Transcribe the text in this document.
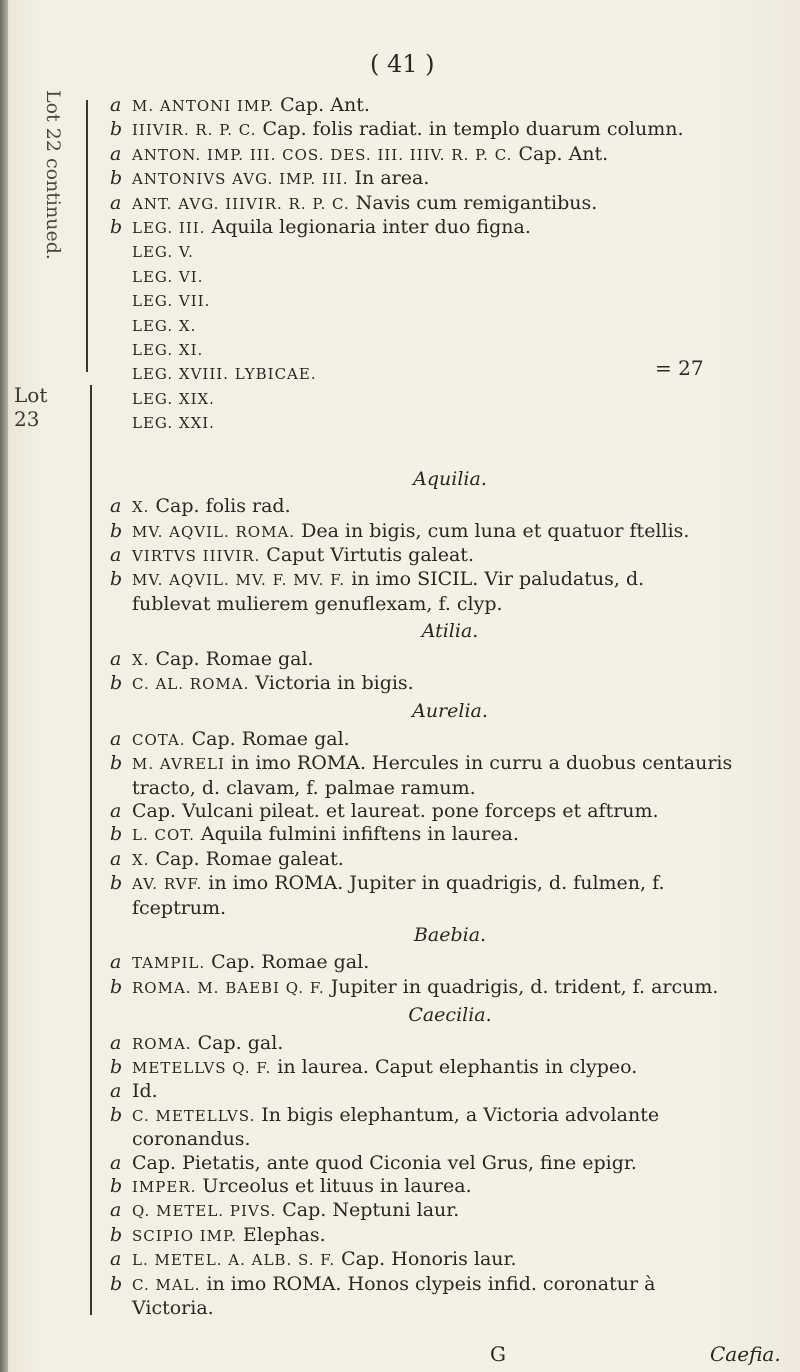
( 41 )
Lot 22 continued.
Lot
23
= 27
a M. ANTONI IMP. Cap. Ant.
b IIIVIR. R. P. C. Cap. folis radiat. in templo duarum column.
a ANTON. IMP. III. COS. DES. III. IIIV. R. P. C. Cap. Ant.
b ANTONIVS AVG. IMP. III. In area.
a ANT. AVG. IIIVIR. R. P. C. Navis cum remigantibus.
b LEG. III. Aquila legionaria inter duo figna.
LEG. V.
LEG. VI.
LEG. VII.
LEG. X.
LEG. XI.
LEG. XVIII. LYBICAE.
LEG. XIX.
LEG. XXI.
Aquilia.
a X. Cap. folis rad.
b MV. AQVIL. ROMA. Dea in bigis, cum luna et quatuor ftellis.
a VIRTVS IIIVIR. Caput Virtutis galeat.
b MV. AQVIL. MV. F. MV. F. in imo SICIL. Vir paludatus, d.
fublevat mulierem genuflexam, f. clyp.
Atilia.
a X. Cap. Romae gal.
b C. AL. ROMA. Victoria in bigis.
Aurelia.
a COTA. Cap. Romae gal.
b M. AVRELI in imo ROMA. Hercules in curru a duobus centauris
tracto, d. clavam, f. palmae ramum.
a Cap. Vulcani pileat. et laureat. pone forceps et aftrum.
b L. COT. Aquila fulmini infiftens in laurea.
a X. Cap. Romae galeat.
b AV. RVF. in imo ROMA. Jupiter in quadrigis, d. fulmen, f.
fceptrum.
Baebia.
a TAMPIL. Cap. Romae gal.
b ROMA. M. BAEBI Q. F. Jupiter in quadrigis, d. trident, f. arcum.
Caecilia.
a ROMA. Cap. gal.
b METELLVS Q. F. in laurea. Caput elephantis in clypeo.
a Id.
b C. METELLVS. In bigis elephantum, a Victoria advolante
coronandus.
a Cap. Pietatis, ante quod Ciconia vel Grus, fine epigr.
b IMPER. Urceolus et lituus in laurea.
a Q. METEL. PIVS. Cap. Neptuni laur.
b SCIPIO IMP. Elephas.
a L. METEL. A. ALB. S. F. Cap. Honoris laur.
b C. MAL. in imo ROMA. Honos clypeis infid. coronatur à
Victoria.
G	Caefia.
